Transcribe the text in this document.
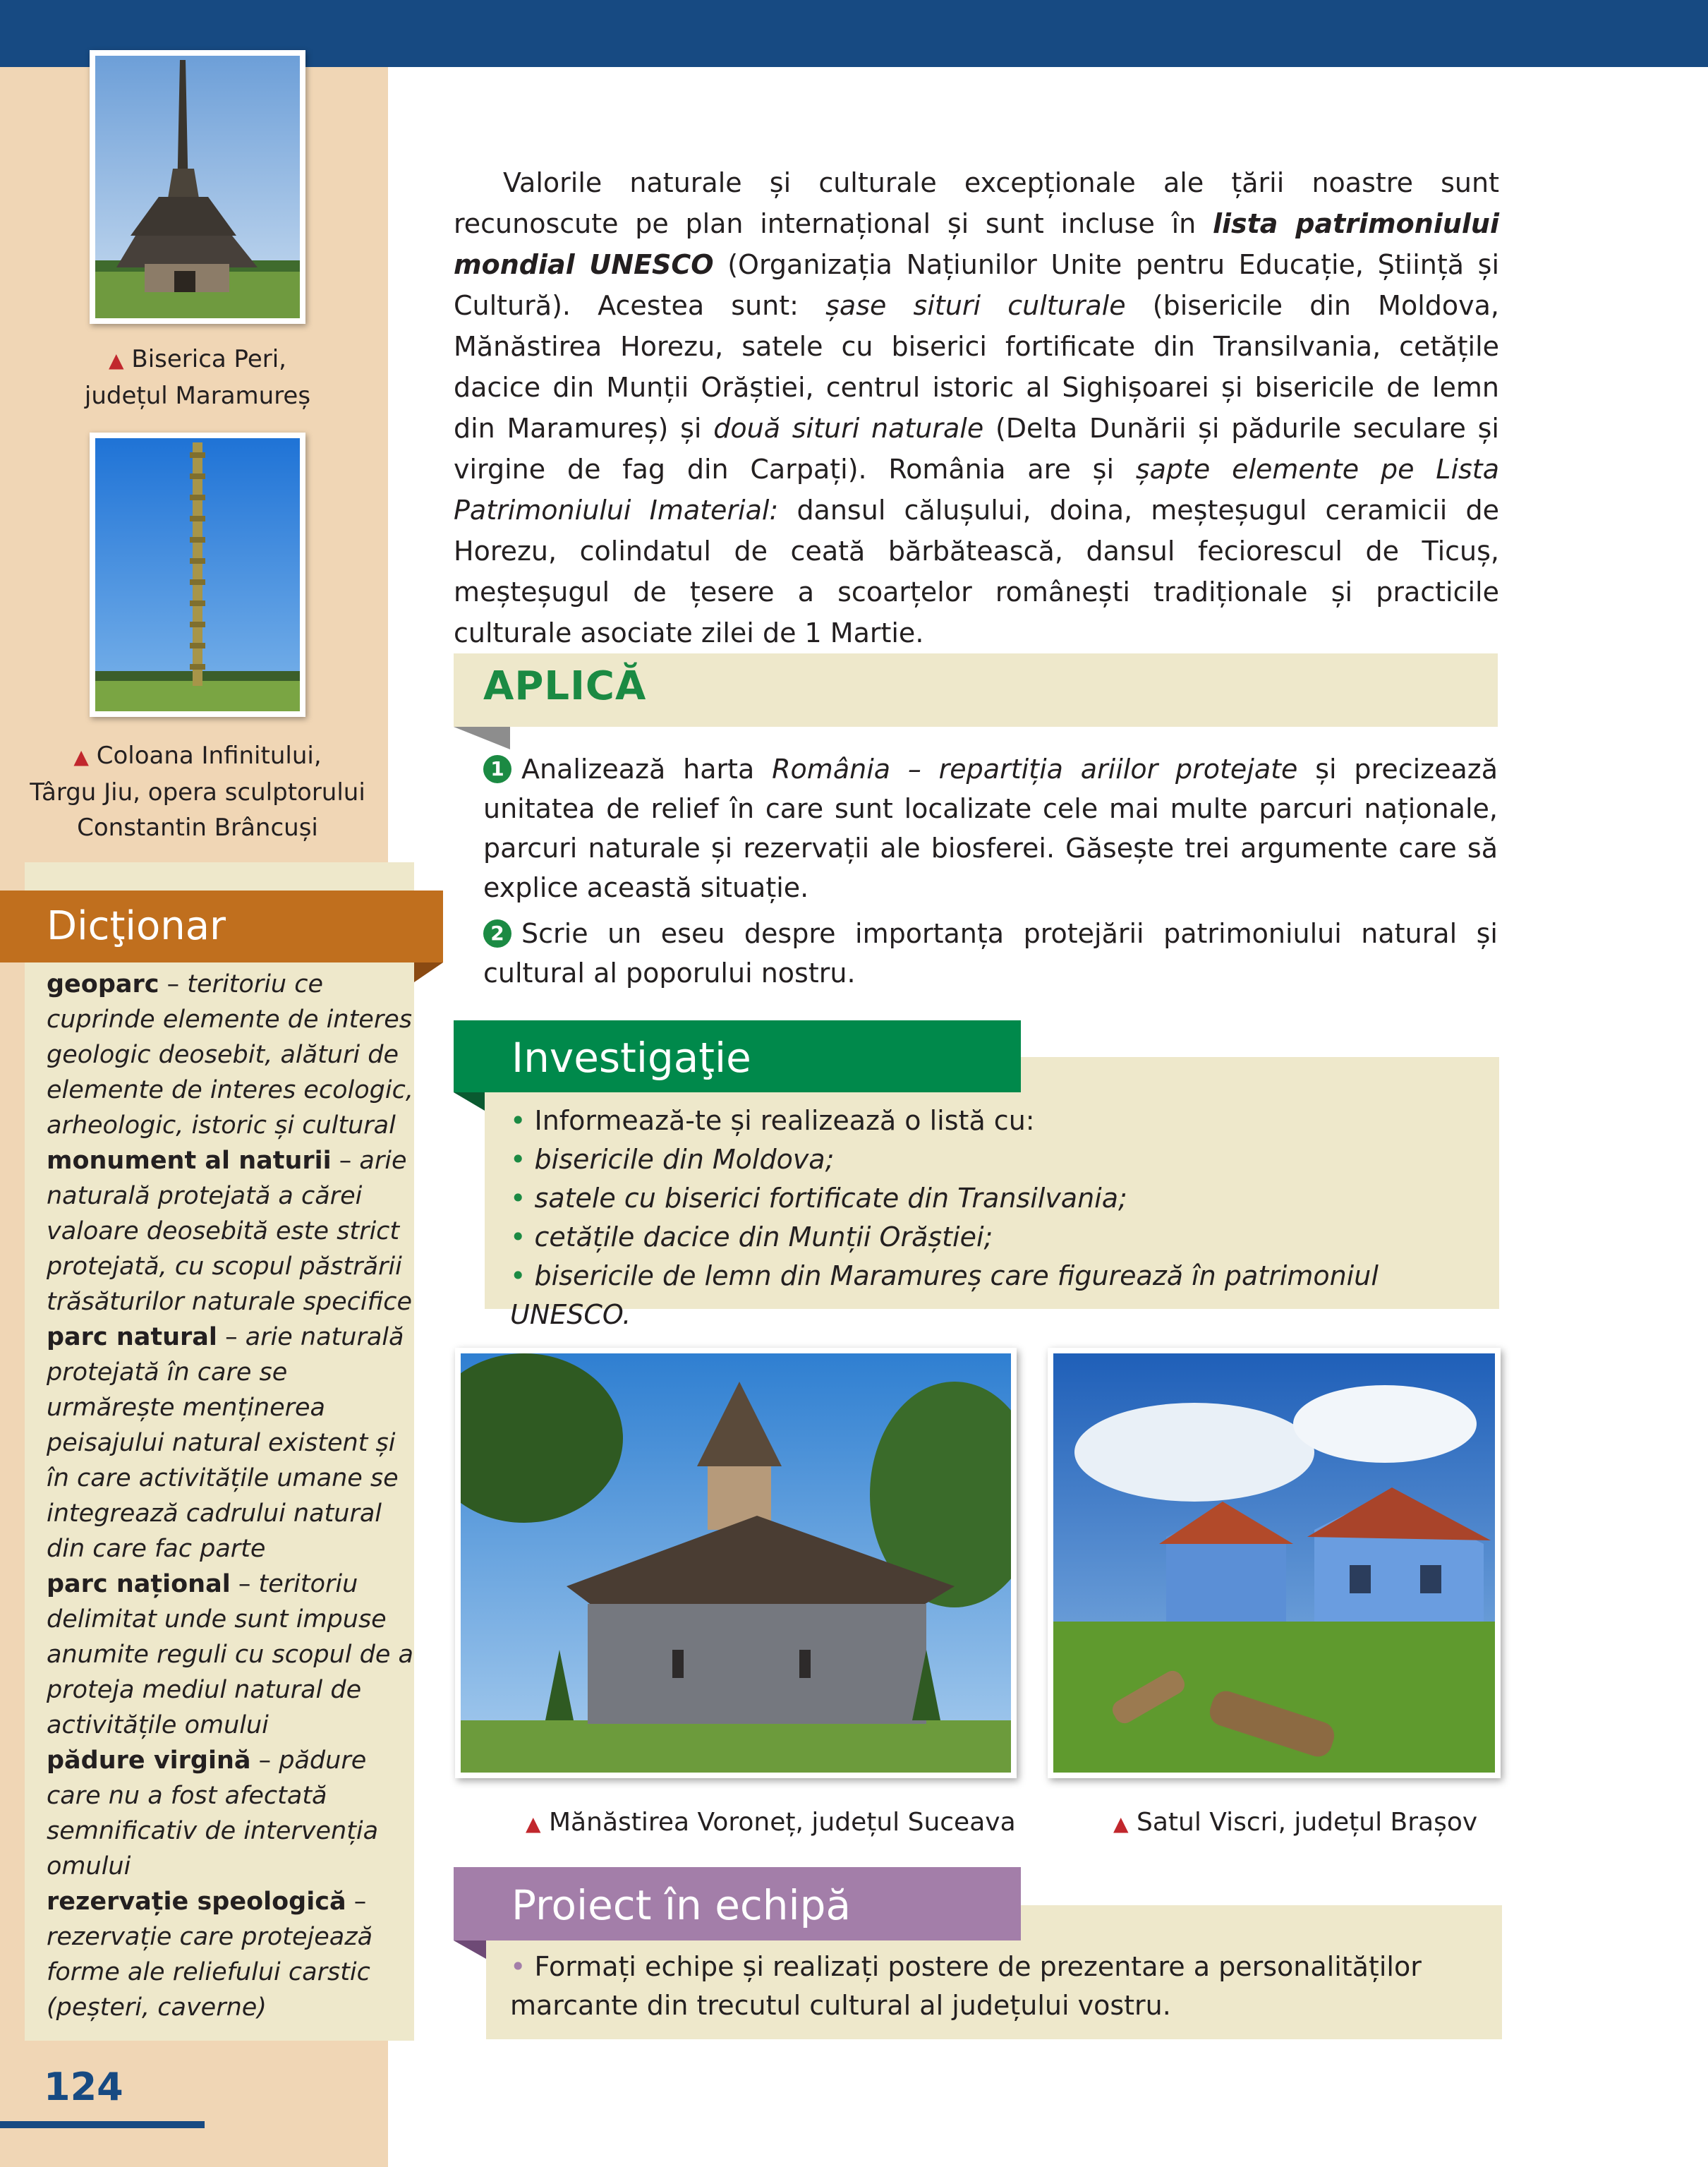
▲ Biserica Peri,
județul Maramureș
▲ Coloana Infinitului,
Târgu Jiu, opera sculptorului
Constantin Brâncuși
Dicţionar
geoparc – teritoriu ce cuprinde elemente de interes geologic deosebit, alături de elemente de interes ecologic, arheologic, istoric și cultural
monument al naturii – arie naturală protejată a cărei valoare deosebită este strict protejată, cu scopul păstrării trăsăturilor naturale specifice
parc natural – arie naturală protejată în care se urmărește menținerea peisajului natural existent și în care activitățile umane se integrează cadrului natural din care fac parte
parc național – teritoriu delimitat unde sunt impuse anumite reguli cu scopul de a proteja mediul natural de activitățile omului
pădure virgină – pădure care nu a fost afectată semnificativ de intervenția omului
rezervație speologică – rezervație care protejează forme ale reliefului carstic (peșteri, caverne)
124
Valorile naturale și culturale excepționale ale țării noastre sunt recunoscute pe plan internațional și sunt incluse în lista patrimoniului mondial UNESCO (Organizația Națiunilor Unite pentru Educație, Știință și Cultură). Acestea sunt: șase situri culturale (bisericile din Moldova, Mănăstirea Horezu, satele cu biserici fortificate din Transilvania, cetățile dacice din Munții Orăștiei, centrul istoric al Sighișoarei și bisericile de lemn din Maramureș) și două situri naturale (Delta Dunării și pădurile seculare și virgine de fag din Carpați). România are și șapte elemente pe Lista Patrimoniului Imaterial: dansul călușului, doina, meșteșugul ceramicii de Horezu, colindatul de ceată bărbătească, dansul feciorescul de Ticuș, meșteșugul de țesere a scoarțelor românești tradiționale și practicile culturale asociate zilei de 1 Martie.
APLICĂ
1 Analizează harta România – repartiția ariilor protejate și precizează unitatea de relief în care sunt localizate cele mai multe parcuri naționale, parcuri naturale și rezervații ale biosferei. Găsește trei argumente care să explice această situație.
2 Scrie un eseu despre importanța protejării patrimoniului natural și cultural al poporului nostru.
Investigaţie
• Informează-te și realizează o listă cu:
• bisericile din Moldova;
• satele cu biserici fortificate din Transilvania;
• cetățile dacice din Munții Orăștiei;
• bisericile de lemn din Maramureș care figurează în patrimoniul UNESCO.
▲ Mănăstirea Voroneț, județul Suceava	▲ Satul Viscri, județul Brașov
Proiect în echipă
• Formați echipe și realizați postere de prezentare a personalităților marcante din trecutul cultural al județului vostru.
